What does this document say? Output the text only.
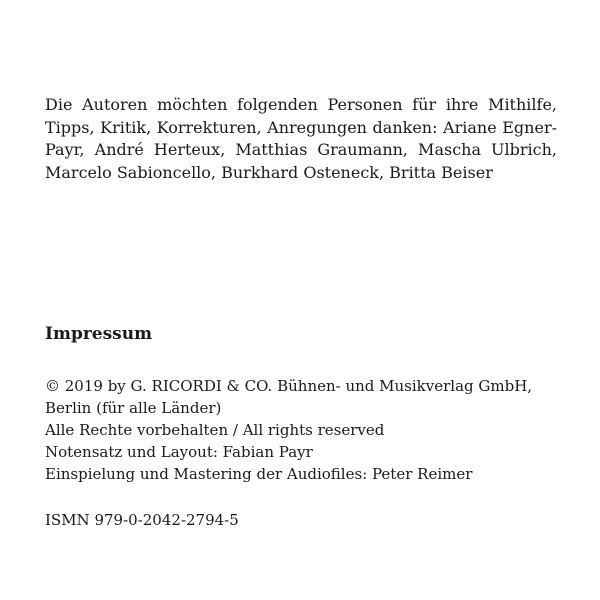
Die Autoren möchten folgenden Personen für ihre Mithilfe,
Tipps, Kritik, Korrekturen, Anregungen danken: Ariane Egner-
Payr, André Herteux, Matthias Graumann, Mascha Ulbrich,
Marcelo Sabioncello, Burkhard Osteneck, Britta Beiser

Impressum

© 2019 by G. RICORDI & CO. Bühnen- und Musikverlag GmbH,
Berlin (für alle Länder)
Alle Rechte vorbehalten / All rights reserved
Notensatz und Layout: Fabian Payr
Einspielung und Mastering der Audiofiles: Peter Reimer

ISMN 979-0-2042-2794-5
